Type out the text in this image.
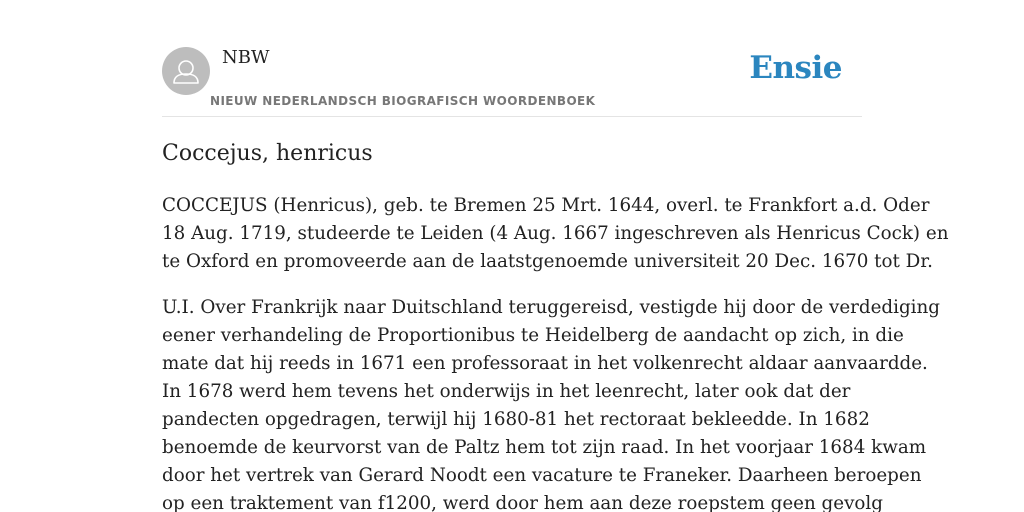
NBW
NIEUW NEDERLANDSCH BIOGRAFISCH WOORDENBOEK
Ensie
Coccejus, henricus

COCCEJUS (Henricus), geb. te Bremen 25 Mrt. 1644, overl. te Frankfort a.d. Oder
18 Aug. 1719, studeerde te Leiden (4 Aug. 1667 ingeschreven als Henricus Cock) en
te Oxford en promoveerde aan de laatstgenoemde universiteit 20 Dec. 1670 tot Dr.

U.I. Over Frankrijk naar Duitschland teruggereisd, vestigde hij door de verdediging
eener verhandeling de Proportionibus te Heidelberg de aandacht op zich, in die
mate dat hij reeds in 1671 een professoraat in het volkenrecht aldaar aanvaardde.
In 1678 werd hem tevens het onderwijs in het leenrecht, later ook dat der
pandecten opgedragen, terwijl hij 1680-81 het rectoraat bekleedde. In 1682
benoemde de keurvorst van de Paltz hem tot zijn raad. In het voorjaar 1684 kwam
door het vertrek van Gerard Noodt een vacature te Franeker. Daarheen beroepen
op een traktement van f1200, werd door hem aan deze roepstem geen gevolg
